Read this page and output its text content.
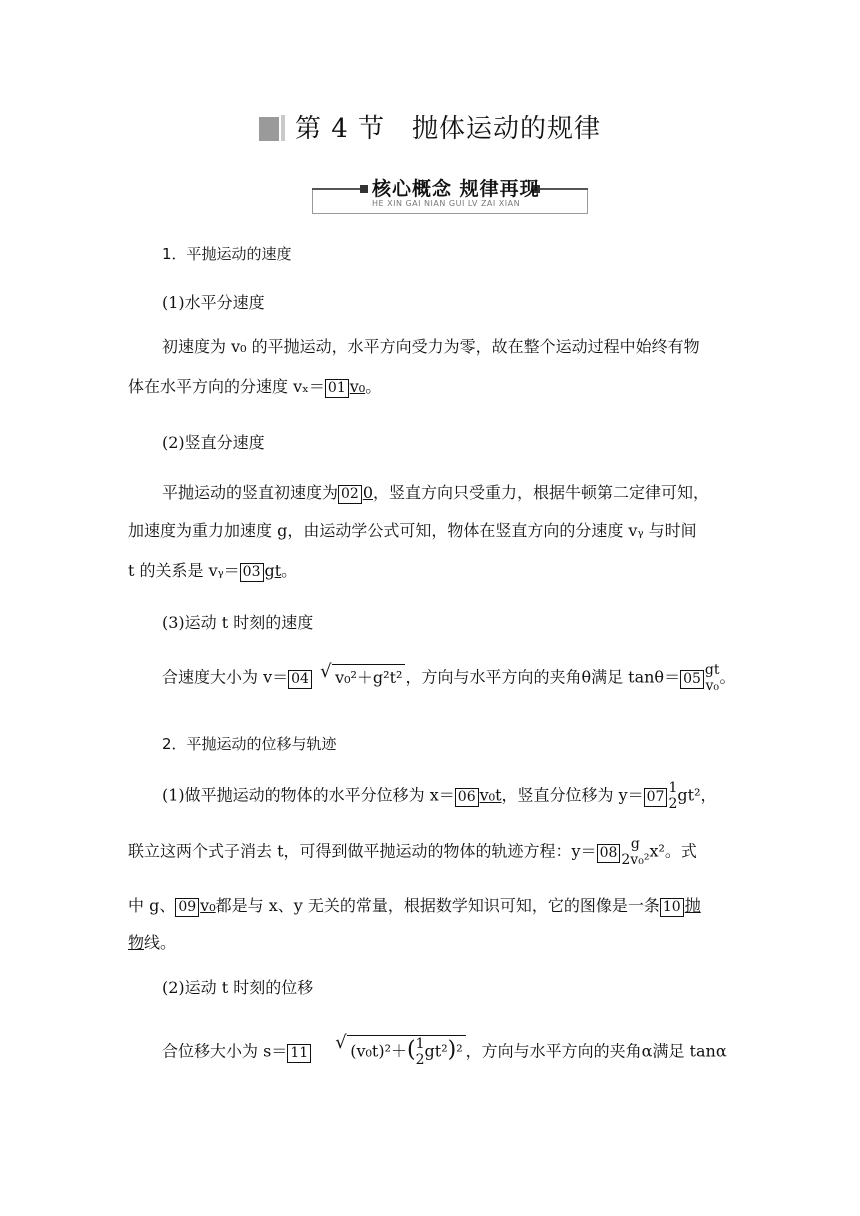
第 4 节　抛体运动的规律
核心概念 规律再现
HE XIN GAI NIAN GUI LV ZAI XIAN
1．平抛运动的速度
(1)水平分速度
初速度为 v₀ 的平抛运动，水平方向受力为零，故在整个运动过程中始终有物
体在水平方向的分速度 vₓ＝ 01 v₀。
(2)竖直分速度
平抛运动的竖直初速度为 02 0，竖直方向只受重力，根据牛顿第二定律可知，
加速度为重力加速度 g，由运动学公式可知，物体在竖直方向的分速度 vᵧ 与时间
t 的关系是 vᵧ＝ 03 gt。
(3)运动 t 时刻的速度
合速度大小为 v＝ 04 √ v₀²＋g²t² ，方向与水平方向的夹角θ满足 tanθ＝ 05
gt
v₀ 。
2．平抛运动的位移与轨迹
(1)做平抛运动的物体的水平分位移为 x＝ 06 v₀t，竖直分位移为 y＝ 07
1
2 gt²，
联立这两个式子消去 t，可得到做平抛运动的物体的轨迹方程：y＝ 08
g
2v₀² x²。式
中 g、 09 v₀都是与 x、y 无关的常量，根据数学知识可知，它的图像是一条 10 抛
物线。
(2)运动 t 时刻的位移
合位移大小为 s＝ 11	√ (v₀t)²＋( 1
2 gt²)² ，方向与水平方向的夹角α满足 tanα
